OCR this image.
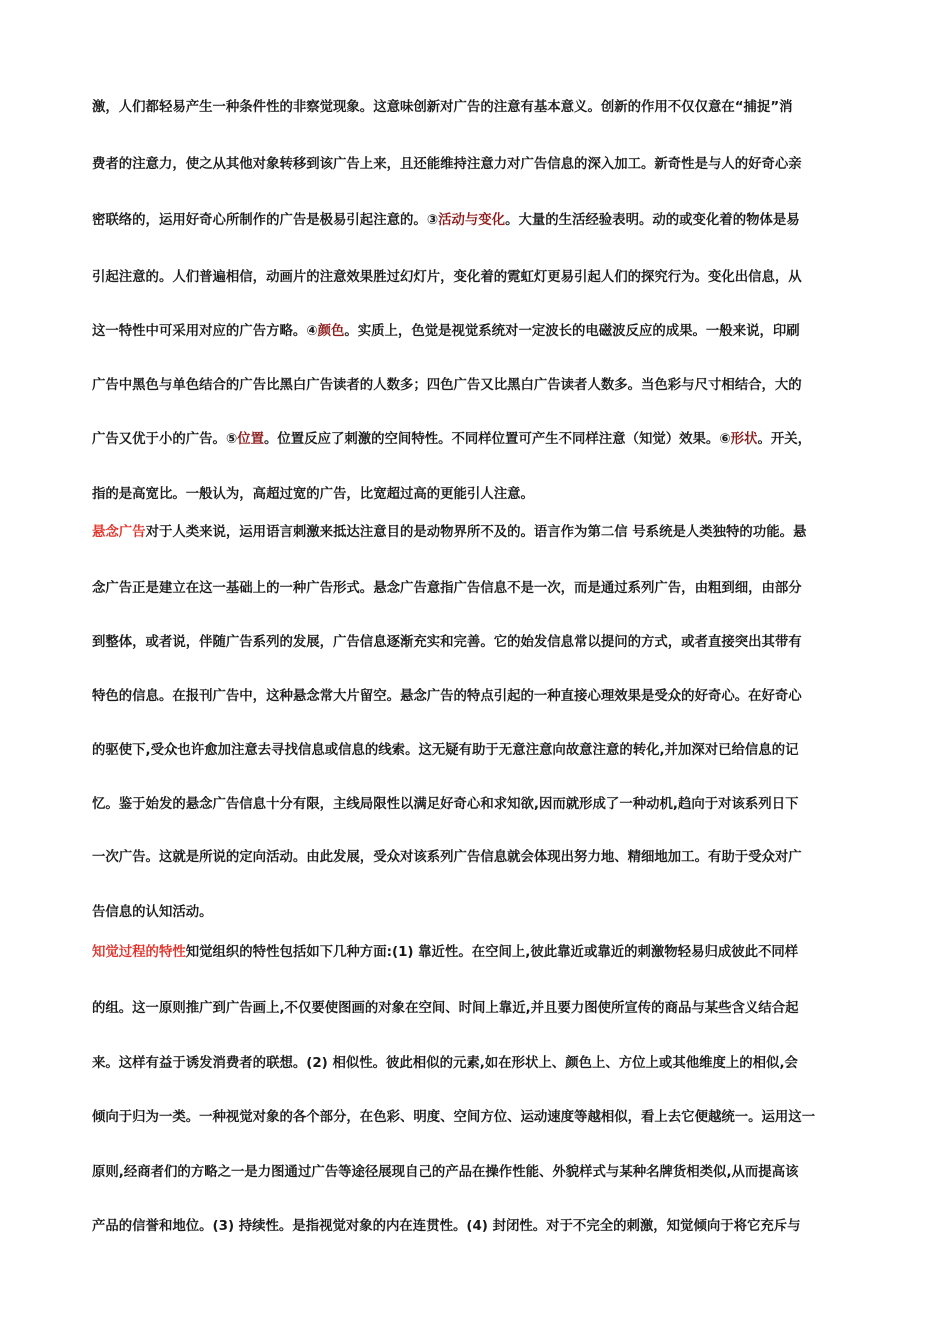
激，人们都轻易产生一种条件性的非察觉现象。这意味创新对广告的注意有基本意义。创新的作用不仅仅意在“捕捉”消
费者的注意力，使之从其他对象转移到该广告上来，且还能维持注意力对广告信息的深入加工。新奇性是与人的好奇心亲
密联络的，运用好奇心所制作的广告是极易引起注意的。③活动与变化。大量的生活经验表明。动的或变化着的物体是易
引起注意的。人们普遍相信，动画片的注意效果胜过幻灯片，变化着的霓虹灯更易引起人们的探究行为。变化出信息，从
这一特性中可采用对应的广告方略。④颜色。实质上，色觉是视觉系统对一定波长的电磁波反应的成果。一般来说，印刷
广告中黑色与单色结合的广告比黑白广告读者的人数多；四色广告又比黑白广告读者人数多。当色彩与尺寸相结合，大的
广告又优于小的广告。⑤位置。位置反应了刺激的空间特性。不同样位置可产生不同样注意（知觉）效果。⑥形状。开关，
指的是高宽比。一般认为，高超过宽的广告，比宽超过高的更能引人注意。
悬念广告对于人类来说，运用语言刺激来抵达注意目的是动物界所不及的。语言作为第二信 号系统是人类独特的功能。悬
念广告正是建立在这一基础上的一种广告形式。悬念广告意指广告信息不是一次，而是通过系列广告，由粗到细，由部分
到整体，或者说，伴随广告系列的发展，广告信息逐渐充实和完善。它的始发信息常以提问的方式，或者直接突出其带有
特色的信息。在报刊广告中，这种悬念常大片留空。悬念广告的特点引起的一种直接心理效果是受众的好奇心。在好奇心
的驱使下,受众也许愈加注意去寻找信息或信息的线索。这无疑有助于无意注意向故意注意的转化,并加深对已给信息的记
忆。鉴于始发的悬念广告信息十分有限，主线局限性以满足好奇心和求知欲,因而就形成了一种动机,趋向于对该系列日下
一次广告。这就是所说的定向活动。由此发展，受众对该系列广告信息就会体现出努力地、精细地加工。有助于受众对广
告信息的认知活动。
知觉过程的特性知觉组织的特性包括如下几种方面:(1) 靠近性。在空间上,彼此靠近或靠近的刺激物轻易归成彼此不同样
的组。这一原则推广到广告画上,不仅要使图画的对象在空间、时间上靠近,并且要力图使所宣传的商品与某些含义结合起
来。这样有益于诱发消费者的联想。(2) 相似性。彼此相似的元素,如在形状上、颜色上、方位上或其他维度上的相似,会
倾向于归为一类。一种视觉对象的各个部分，在色彩、明度、空间方位、运动速度等越相似，看上去它便越统一。运用这一
原则,经商者们的方略之一是力图通过广告等途径展现自己的产品在操作性能、外貌样式与某种名牌货相类似,从而提高该
产品的信誉和地位。(3) 持续性。是指视觉对象的内在连贯性。(4) 封闭性。对于不完全的刺激，知觉倾向于将它充斥与
